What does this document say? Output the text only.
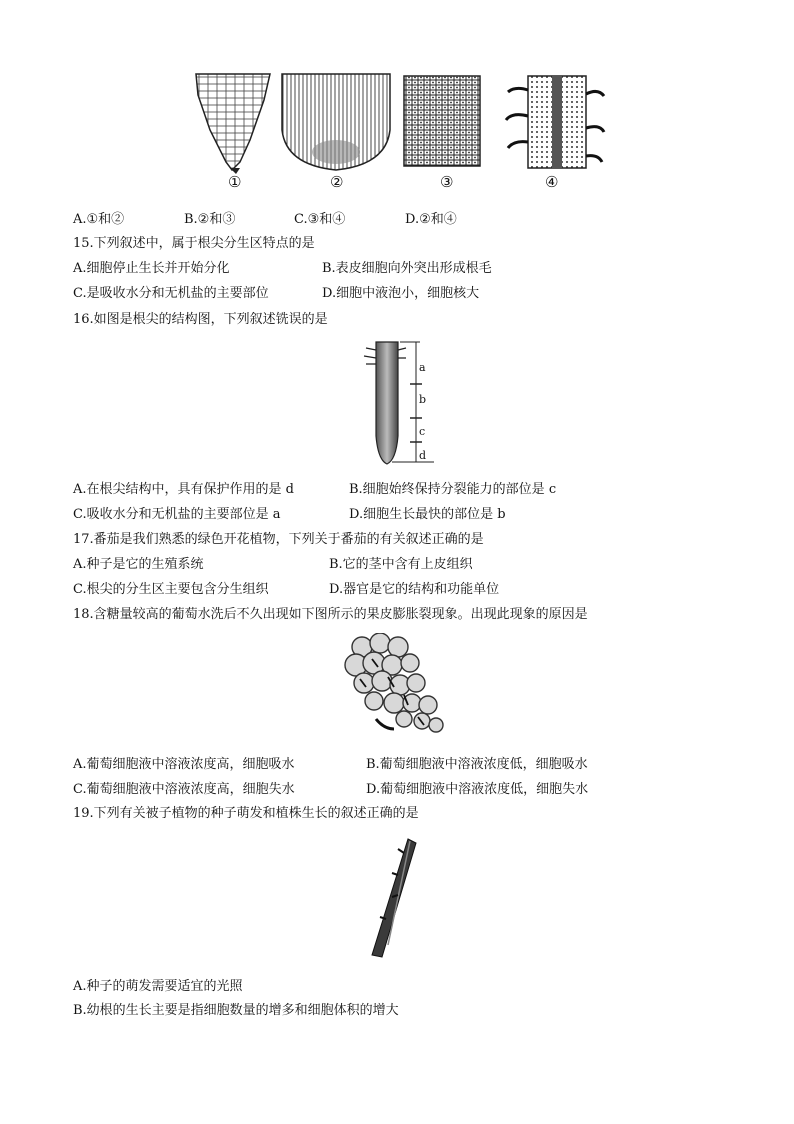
①	②	③	④
A.①和②	B.②和③	C.③和④	D.②和④
15.下列叙述中，属于根尖分生区特点的是
A.细胞停止生长并开始分化	B.表皮细胞向外突出形成根毛
C.是吸收水分和无机盐的主要部位	D.细胞中液泡小，细胞核大
16.如图是根尖的结构图，下列叙述铣误的是
a
b
c
d
A.在根尖结构中，具有保护作用的是 d	B.细胞始终保持分裂能力的部位是 c
C.吸收水分和无机盐的主要部位是 a	D.细胞生长最快的部位是 b
17.番茄是我们熟悉的绿色开花植物，下列关于番茄的有关叙述正确的是
A.种子是它的生殖系统	B.它的茎中含有上皮组织
C.根尖的分生区主要包含分生组织	D.器官是它的结构和功能单位
18.含糖量较高的葡萄水洗后不久出现如下图所示的果皮膨胀裂现象。出现此现象的原因是
A.葡萄细胞液中溶液浓度高，细胞吸水	B.葡萄细胞液中溶液浓度低，细胞吸水
C.葡萄细胞液中溶液浓度高，细胞失水	D.葡萄细胞液中溶液浓度低，细胞失水
19.下列有关被子植物的种子萌发和植株生长的叙述正确的是
A.种子的萌发需要适宜的光照
B.幼根的生长主要是指细胞数量的增多和细胞体积的增大
